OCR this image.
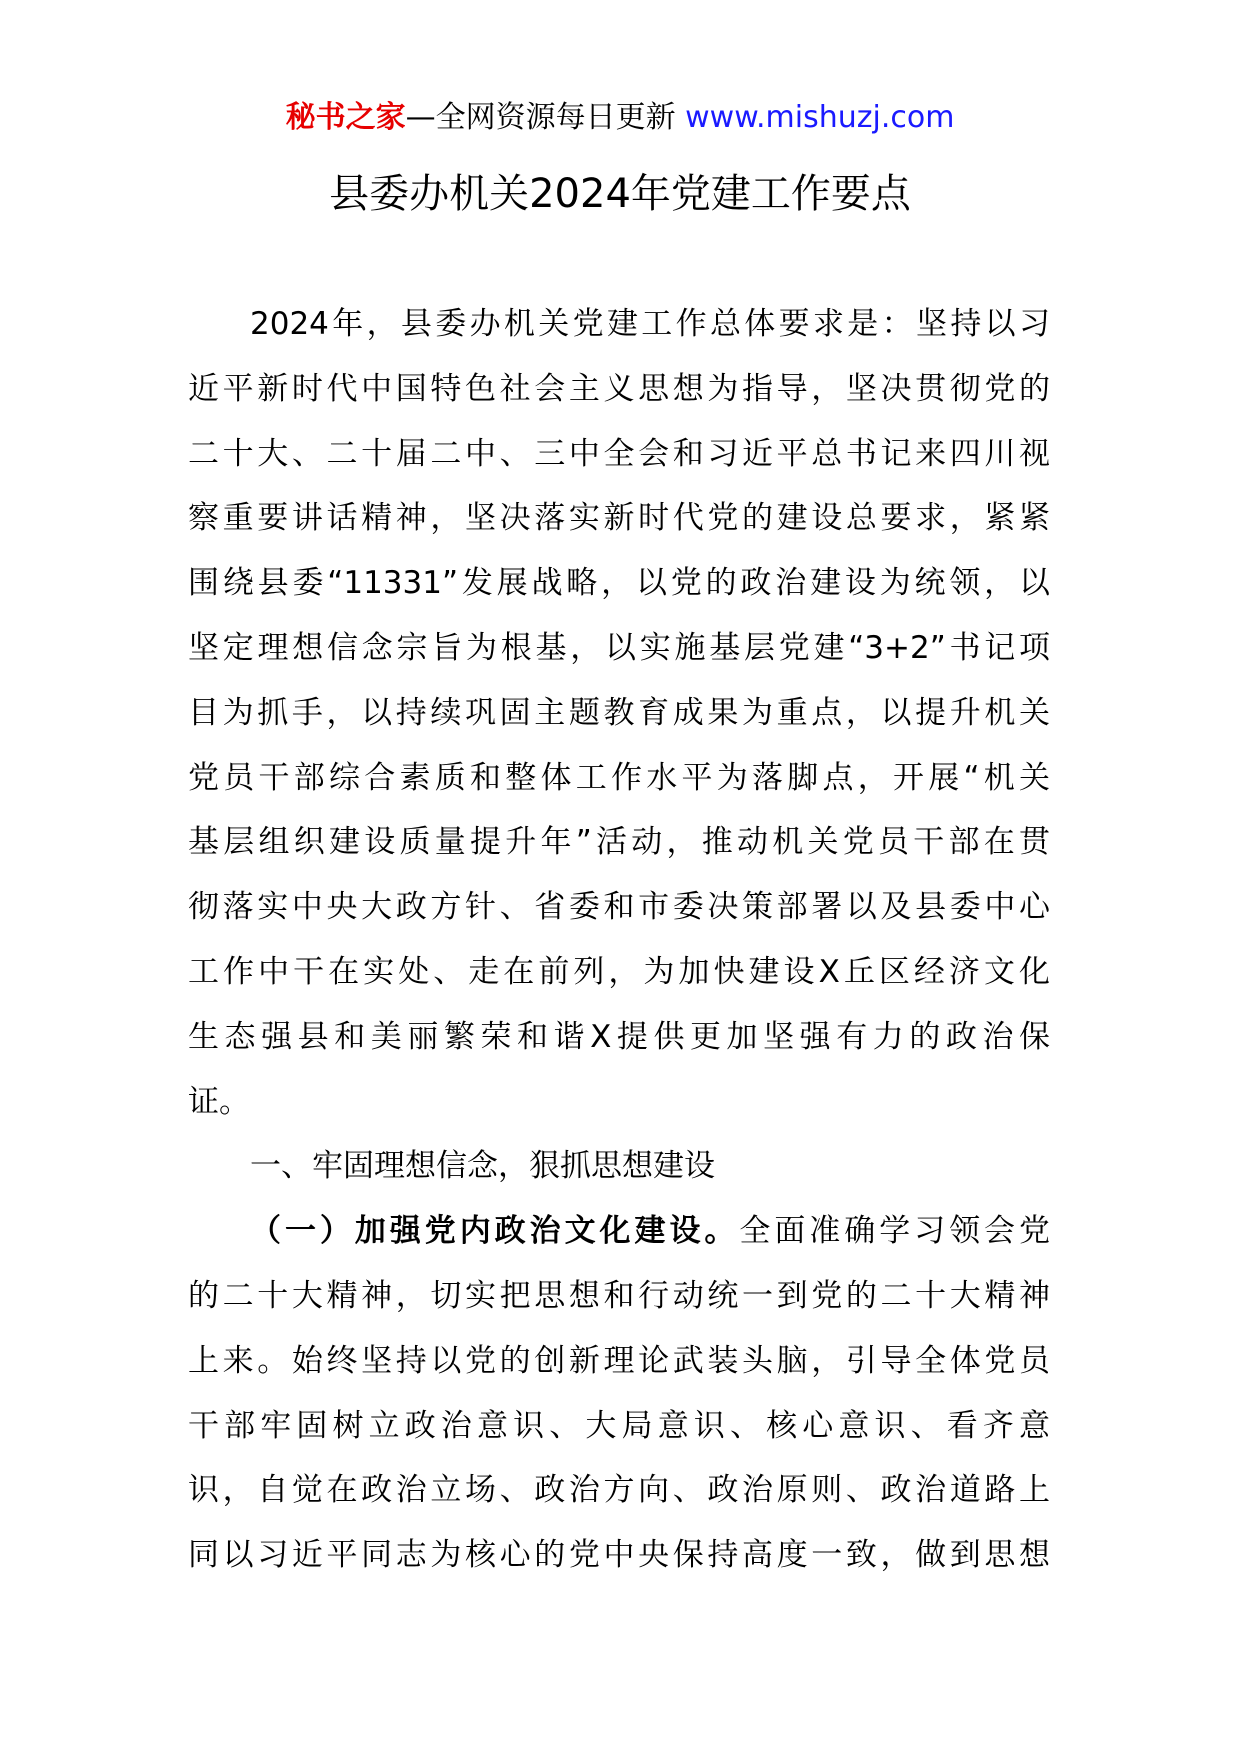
秘书之家—全网资源每日更新 www.mishuzj.com
县委办机关2024年党建工作要点
2024年，县委办机关党建工作总体要求是：坚持以习
近平新时代中国特色社会主义思想为指导，坚决贯彻党的
二十大、二十届二中、三中全会和习近平总书记来四川视
察重要讲话精神，坚决落实新时代党的建设总要求，紧紧
围绕县委“11331”发展战略，以党的政治建设为统领，以
坚定理想信念宗旨为根基，以实施基层党建“3+2”书记项
目为抓手，以持续巩固主题教育成果为重点，以提升机关
党员干部综合素质和整体工作水平为落脚点，开展“机关
基层组织建设质量提升年”活动，推动机关党员干部在贯
彻落实中央大政方针、省委和市委决策部署以及县委中心
工作中干在实处、走在前列，为加快建设X丘区经济文化
生态强县和美丽繁荣和谐X提供更加坚强有力的政治保
证。
一、牢固理想信念，狠抓思想建设
（一）加强党内政治文化建设。全面准确学习领会党
的二十大精神，切实把思想和行动统一到党的二十大精神
上来。始终坚持以党的创新理论武装头脑，引导全体党员
干部牢固树立政治意识、大局意识、核心意识、看齐意
识，自觉在政治立场、政治方向、政治原则、政治道路上
同以习近平同志为核心的党中央保持高度一致，做到思想
